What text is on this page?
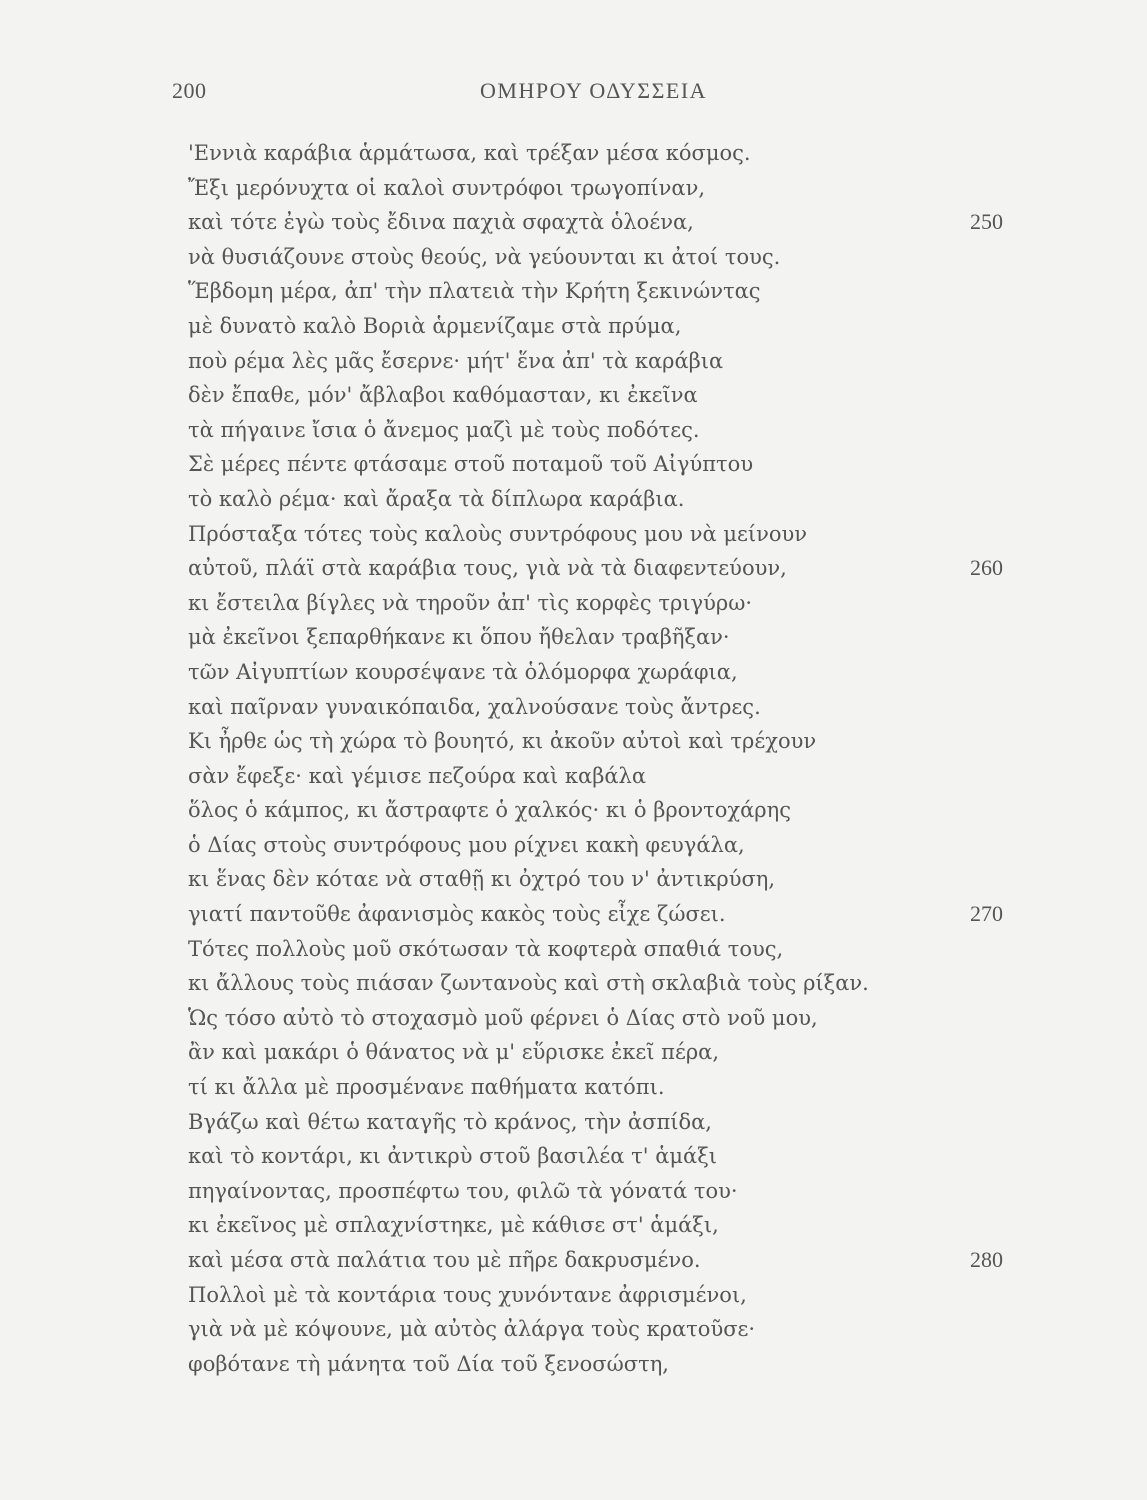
200	ΟΜΗΡΟΥ ΟΔΥΣΣΕΙΑ
'Εννιὰ καράβια ἁρμάτωσα, καὶ τρέξαν μέσα κόσμος.
Ἔξι μερόνυχτα οἱ καλοὶ συντρόφοι τρωγοπίναν,
καὶ τότε ἐγὼ τοὺς ἔδινα παχιὰ σφαχτὰ ὁλοένα,	250
νὰ θυσιάζουνε στοὺς θεούς, νὰ γεύουνται κι ἀτοί τους.
Ἕβδομη μέρα, ἀπ' τὴν πλατειὰ τὴν Κρήτη ξεκινώντας
μὲ δυνατὸ καλὸ Βοριὰ ἁρμενίζαμε στὰ πρύμα,
ποὺ ρέμα λὲς μᾶς ἔσερνε· μήτ' ἕνα ἀπ' τὰ καράβια
δὲν ἔπαθε, μόν' ἄβλαβοι καθόμασταν, κι ἐκεῖνα
τὰ πήγαινε ἴσια ὁ ἄνεμος μαζὶ μὲ τοὺς ποδότες.
Σὲ μέρες πέντε φτάσαμε στοῦ ποταμοῦ τοῦ Αἰγύπτου
τὸ καλὸ ρέμα· καὶ ἄραξα τὰ δίπλωρα καράβια.
Πρόσταξα τότες τοὺς καλοὺς συντρόφους μου νὰ μείνουν
αὐτοῦ, πλάϊ στὰ καράβια τους, γιὰ νὰ τὰ διαφεντεύουν,	260
κι ἔστειλα βίγλες νὰ τηροῦν ἀπ' τὶς κορφὲς τριγύρω·
μὰ ἐκεῖνοι ξεπαρθήκανε κι ὅπου ἤθελαν τραβῆξαν·
τῶν Αἰγυπτίων κουρσέψανε τὰ ὁλόμορφα χωράφια,
καὶ παῖρναν γυναικόπαιδα, χαλνούσανε τοὺς ἄντρες.
Κι ἦρθε ὡς τὴ χώρα τὸ βουητό, κι ἀκοῦν αὐτοὶ καὶ τρέχουν
σὰν ἔφεξε· καὶ γέμισε πεζούρα καὶ καβάλα
ὅλος ὁ κάμπος, κι ἄστραφτε ὁ χαλκός· κι ὁ βροντοχάρης
ὁ Δίας στοὺς συντρόφους μου ρίχνει κακὴ φευγάλα,
κι ἕνας δὲν κόταε νὰ σταθῇ κι ὀχτρό του ν' ἀντικρύση,
γιατί παντοῦθε ἀφανισμὸς κακὸς τοὺς εἶχε ζώσει.	270
Τότες πολλοὺς μοῦ σκότωσαν τὰ κοφτερὰ σπαθιά τους,
κι ἄλλους τοὺς πιάσαν ζωντανοὺς καὶ στὴ σκλαβιὰ τοὺς ρίξαν.
Ὡς τόσο αὐτὸ τὸ στοχασμὸ μοῦ φέρνει ὁ Δίας στὸ νοῦ μου,
ἂν καὶ μακάρι ὁ θάνατος νὰ μ' εὕρισκε ἐκεῖ πέρα,
τί κι ἄλλα μὲ προσμένανε παθήματα κατόπι.
Βγάζω καὶ θέτω καταγῆς τὸ κράνος, τὴν ἀσπίδα,
καὶ τὸ κοντάρι, κι ἀντικρὺ στοῦ βασιλέα τ' ἁμάξι
πηγαίνοντας, προσπέφτω του, φιλῶ τὰ γόνατά του·
κι ἐκεῖνος μὲ σπλαχνίστηκε, μὲ κάθισε στ' ἁμάξι,
καὶ μέσα στὰ παλάτια του μὲ πῆρε δακρυσμένο.	280
Πολλοὶ μὲ τὰ κοντάρια τους χυνόντανε ἀφρισμένοι,
γιὰ νὰ μὲ κόψουνε, μὰ αὐτὸς ἀλάργα τοὺς κρατοῦσε·
φοβότανε τὴ μάνητα τοῦ Δία τοῦ ξενοσώστη,
